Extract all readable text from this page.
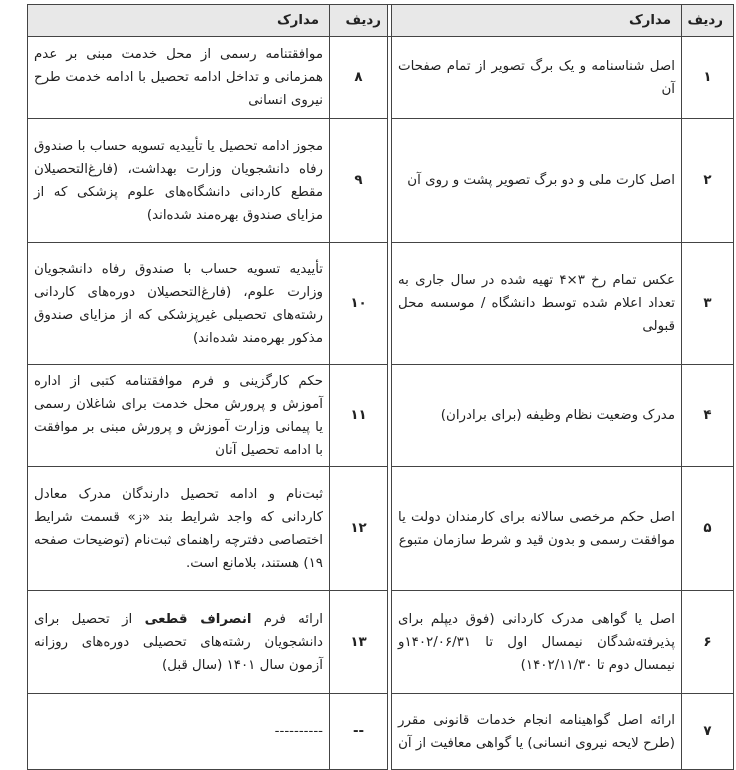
ردیف	مدارک		ردیف	مدارک
۱	اصل شناسنامه و یک برگ تصویر از تمام صفحات آن		۸	موافقتنامه رسمی از محل خدمت مبنی بر عدم همزمانی و تداخل ادامه تحصیل با ادامه خدمت طرح نیروی انسانی
۲	اصل کارت ملی و دو برگ تصویر پشت و روی آن		۹	مجوز ادامه تحصیل یا تأییدیه تسویه حساب با صندوق رفاه دانشجویان وزارت بهداشت، (فارغ‌التحصیلان مقطع کاردانی دانشگاه‌های علوم پزشکی که از مزایای صندوق بهره‌مند شده‌اند)
۳	عکس تمام رخ ۳×۴ تهیه شده در سال جاری به تعداد اعلام شده توسط دانشگاه / موسسه محل قبولی		۱۰	تأییدیه تسویه حساب با صندوق رفاه دانشجویان وزارت علوم، (فارغ‌التحصیلان دوره‌های کاردانی رشته‌های تحصیلی غیرپزشکی که از مزایای صندوق مذکور بهره‌مند شده‌اند)
۴	مدرک وضعیت نظام وظیفه (برای برادران)		۱۱	حکم کارگزینی و فرم موافقتنامه کتبی از اداره آموزش و پرورش محل خدمت برای شاغلان رسمی یا پیمانی وزارت آموزش و پرورش مبنی بر موافقت با ادامه تحصیل آنان
۵	اصل حکم مرخصی سالانه برای کارمندان دولت یا موافقت رسمی و بدون قید و شرط سازمان متبوع		۱۲	ثبت‌نام و ادامه تحصیل دارندگان مدرک معادل کاردانی که واجد شرایط بند «ز» قسمت شرایط اختصاصی دفترچه راهنمای ثبت‌نام (توضیحات صفحه ۱۹) هستند، بلامانع است.
۶	اصل یا گواهی مدرک کاردانی (فوق دیپلم برای پذیرفته‌شدگان نیمسال اول تا ۱۴۰۲/۰۶/۳۱و نیمسال دوم تا ۱۴۰۲/۱۱/۳۰)		۱۳	ارائه فرم انصراف قطعی از تحصیل برای دانشجویان رشته‌های تحصیلی دوره‌های روزانه آزمون سال ۱۴۰۱ (سال قبل)
۷	ارائه اصل گواهینامه انجام خدمات قانونی مقرر (طرح لایحه نیروی انسانی) یا گواهی معافیت از آن		--	----------
